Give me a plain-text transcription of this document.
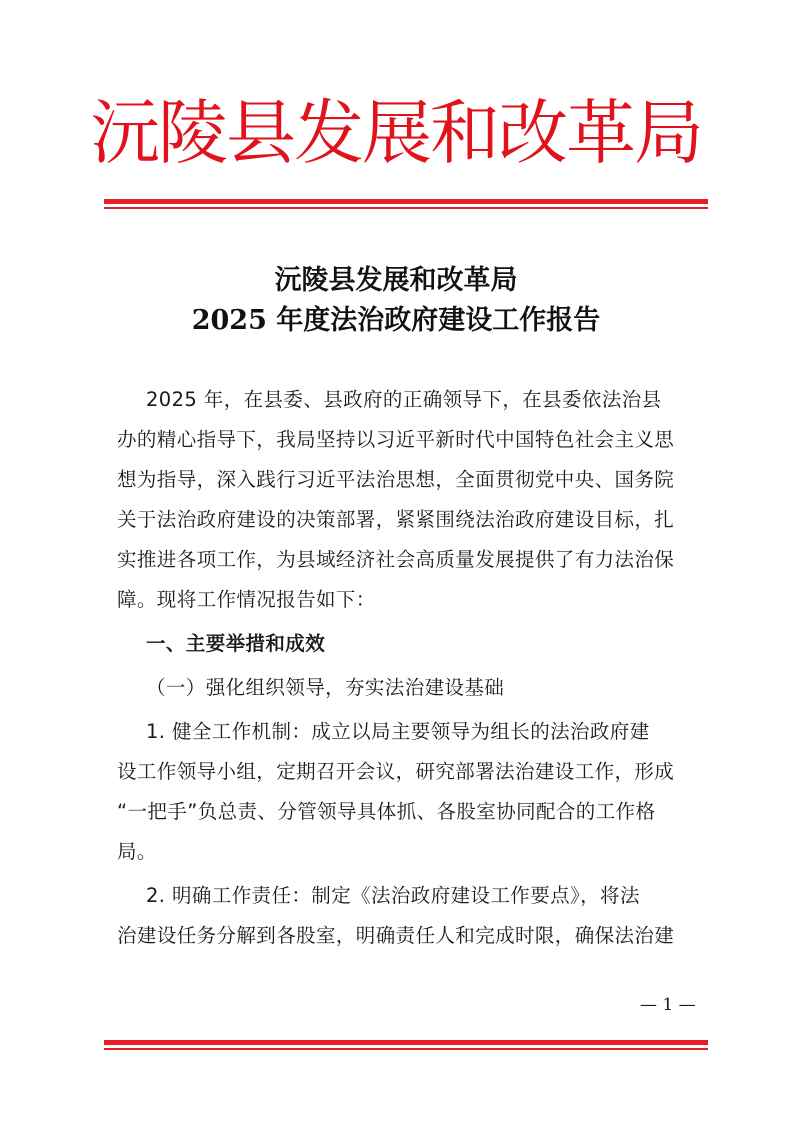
沅陵县发展和改革局
沅陵县发展和改革局
2025 年度法治政府建设工作报告
2025 年，在县委、县政府的正确领导下，在县委依法治县
办的精心指导下，我局坚持以习近平新时代中国特色社会主义思
想为指导，深入践行习近平法治思想，全面贯彻党中央、国务院
关于法治政府建设的决策部署，紧紧围绕法治政府建设目标，扎
实推进各项工作，为县域经济社会高质量发展提供了有力法治保
障。现将工作情况报告如下：
一、主要举措和成效
（一）强化组织领导，夯实法治建设基础
1. 健全工作机制：成立以局主要领导为组长的法治政府建
设工作领导小组，定期召开会议，研究部署法治建设工作，形成
“一把手”负总责、分管领导具体抓、各股室协同配合的工作格
局。
2. 明确工作责任：制定《法治政府建设工作要点》，将法
治建设任务分解到各股室，明确责任人和完成时限，确保法治建
— 1 —
